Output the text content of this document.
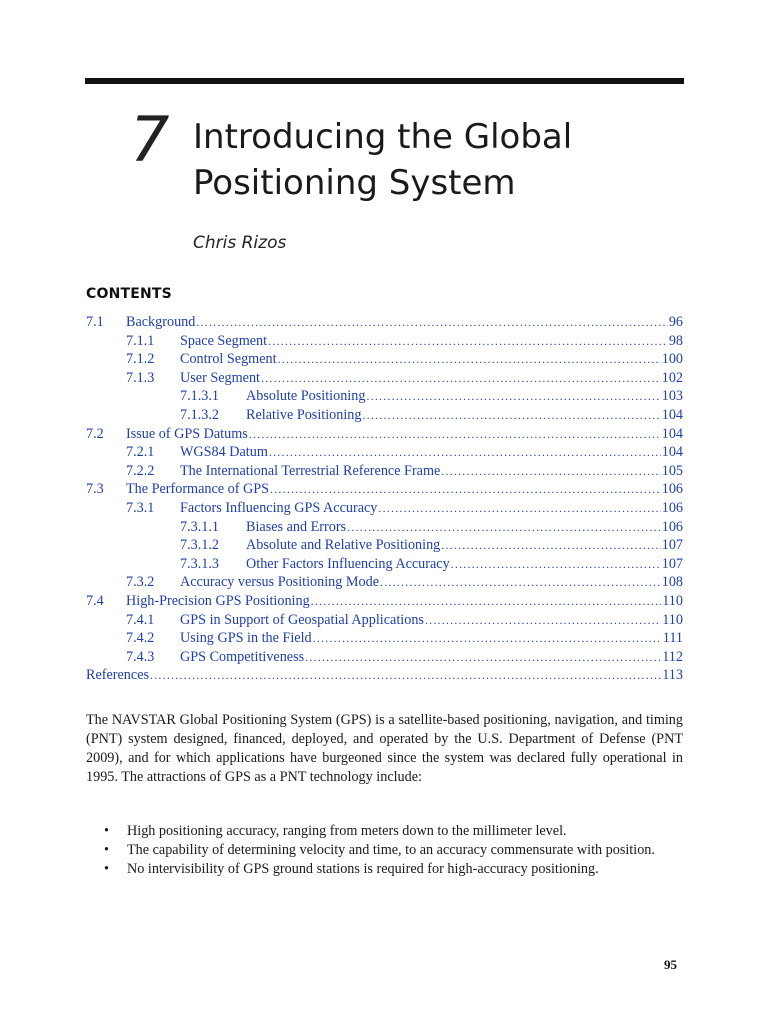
7 Introducing the Global Positioning System
Chris Rizos
CONTENTS
7.1	Background .....	96
7.1.1	Space Segment .....	98
7.1.2	Control Segment .....	100
7.1.3	User Segment .....	102
7.1.3.1	Absolute Positioning .....	103
7.1.3.2	Relative Positioning .....	104
7.2	Issue of GPS Datums .....	104
7.2.1	WGS84 Datum .....	104
7.2.2	The International Terrestrial Reference Frame .....	105
7.3	The Performance of GPS .....	106
7.3.1	Factors Influencing GPS Accuracy .....	106
7.3.1.1	Biases and Errors .....	106
7.3.1.2	Absolute and Relative Positioning .....	107
7.3.1.3	Other Factors Influencing Accuracy .....	107
7.3.2	Accuracy versus Positioning Mode .....	108
7.4	High-Precision GPS Positioning .....	110
7.4.1	GPS in Support of Geospatial Applications .....	110
7.4.2	Using GPS in the Field .....	111
7.4.3	GPS Competitiveness .....	112
References .....	113

The NAVSTAR Global Positioning System (GPS) is a satellite-based positioning, navigation, and timing (PNT) system designed, financed, deployed, and operated by the U.S. Department of Defense (PNT 2009), and for which applications have burgeoned since the system was declared fully operational in 1995. The attractions of GPS as a PNT technology include:

• High positioning accuracy, ranging from meters down to the millimeter level.
• The capability of determining velocity and time, to an accuracy commensurate with position.
• No intervisibility of GPS ground stations is required for high-accuracy positioning.
95
